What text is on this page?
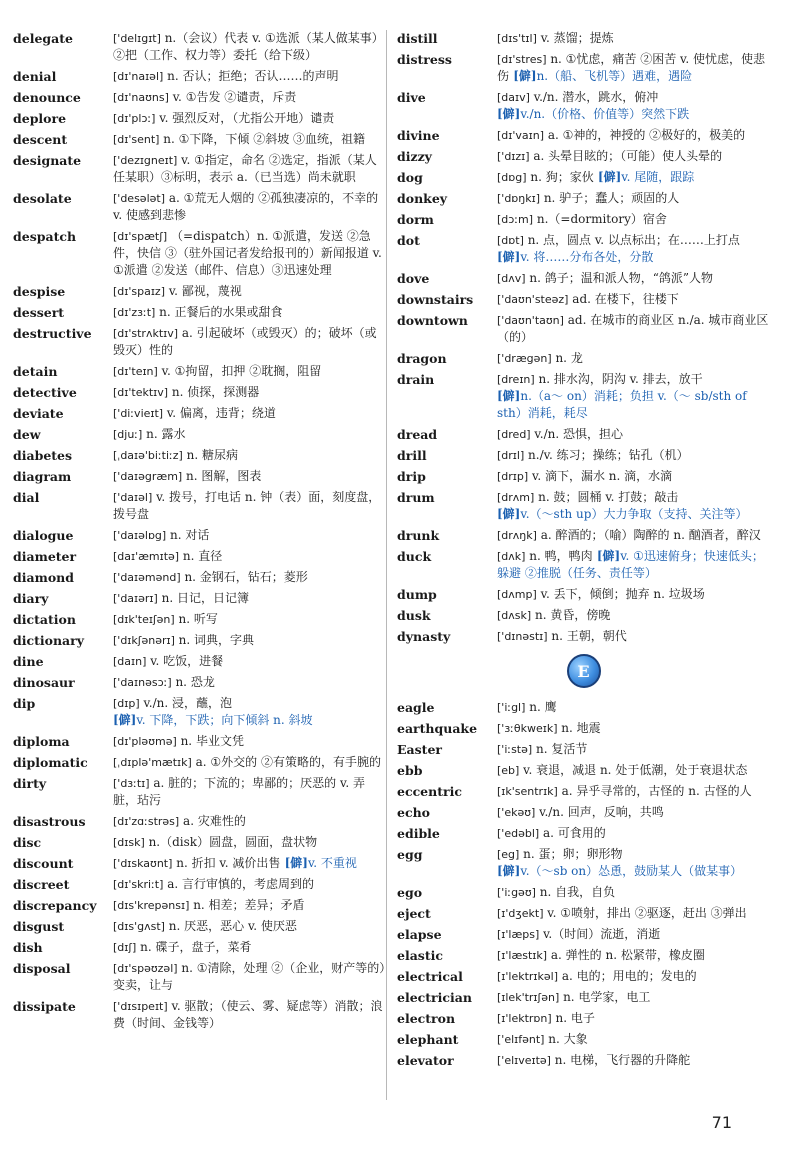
delegate	['delɪgɪt] n.（会议）代表 v. ①选派（某人做某事）②把（工作、权力等）委托（给下级）
denial	[dɪ'naɪəl] n. 否认；拒绝；否认……的声明
denounce	[dɪ'naʊns] v. ①告发 ②谴责，斥责
deplore	[dɪ'plɔː] v. 强烈反对，（尤指公开地）谴责
descent	[dɪ'sent] n. ①下降，下倾 ②斜坡 ③血统，祖籍
designate	['dezɪgneɪt] v. ①指定，命名 ②选定，指派（某人任某职）③标明，表示 a.（已当选）尚未就职
desolate	['desələt] a. ①荒无人烟的 ②孤独凄凉的，不幸的 v. 使感到悲惨
despatch	[dɪ'spætʃ] （=dispatch）n. ①派遣，发送 ②急件，快信 ③（驻外国记者发给报刊的）新闻报道 v. ①派遣 ②发送（邮件、信息）③迅速处理
despise	[dɪ'spaɪz] v. 鄙视，蔑视
dessert	[dɪ'zɜːt] n. 正餐后的水果或甜食
destructive	[dɪ'strʌktɪv] a. 引起破坏（或毁灭）的；破坏（或毁灭）性的
detain	[dɪ'teɪn] v. ①拘留，扣押 ②耽搁，阻留
detective	[dɪ'tektɪv] n. 侦探，探测器
deviate	['diːvieɪt] v. 偏离，违背；绕道
dew	[djuː] n. 露水
diabetes	[ˌdaɪə'biːtiːz] n. 糖尿病
diagram	['daɪəgræm] n. 图解，图表
dial	['daɪəl] v. 拨号，打电话 n. 钟（表）面，刻度盘，拨号盘
dialogue	['daɪəlɒg] n. 对话
diameter	[daɪ'æmɪtə] n. 直径
diamond	['daɪəmənd] n. 金钢石，钻石；菱形
diary	['daɪərɪ] n. 日记，日记簿
dictation	[dɪk'teɪʃən] n. 听写
dictionary	['dɪkʃənərɪ] n. 词典，字典
dine	[daɪn] v. 吃饭，进餐
dinosaur	['daɪnəsɔː] n. 恐龙
dip	[dɪp] v./n. 浸，蘸，泡
[僻]v. 下降，下跌；向下倾斜 n. 斜坡
diploma	[dɪ'pləʊmə] n. 毕业文凭
diplomatic	[ˌdɪplə'mætɪk] a. ①外交的 ②有策略的，有手腕的
dirty	['dɜːtɪ] a. 脏的；下流的；卑鄙的；厌恶的 v. 弄脏，玷污
disastrous	[dɪ'zɑːstrəs] a. 灾难性的
disc	[dɪsk] n.（disk）圆盘，圆面，盘状物
discount	['dɪskaʊnt] n. 折扣 v. 减价出售 [僻]v. 不重视
discreet	[dɪ'skriːt] a. 言行审慎的，考虑周到的
discrepancy	[dɪs'krepənsɪ] n. 相差；差异；矛盾
disgust	[dɪs'gʌst] n. 厌恶，恶心 v. 使厌恶
dish	[dɪʃ] n. 碟子，盘子，菜肴
disposal	[dɪ'spəʊzəl] n. ①清除，处理 ②（企业，财产等的）变卖，让与
dissipate	['dɪsɪpeɪt] v. 驱散；（使云、雾、疑虑等）消散；浪费（时间、金钱等）
distill	[dɪs'tɪl] v. 蒸馏；提炼
distress	[dɪ'stres] n. ①忧虑，痛苦 ②困苦 v. 使忧虑，使悲伤 [僻]n.（船、飞机等）遇难，遇险
dive	[daɪv] v./n. 潜水，跳水，俯冲
[僻]v./n.（价格、价值等）突然下跌
divine	[dɪ'vaɪn] a. ①神的，神授的 ②极好的，极美的
dizzy	['dɪzɪ] a. 头晕目眩的；（可能）使人头晕的
dog	[dɒg] n. 狗；家伙 [僻]v. 尾随，跟踪
donkey	['dɒŋkɪ] n. 驴子；蠢人；顽固的人
dorm	[dɔːm] n.（=dormitory）宿舍
dot	[dɒt] n. 点，圆点 v. 以点标出；在……上打点
[僻]v. 将……分布各处，分散
dove	[dʌv] n. 鸽子；温和派人物，“鸽派”人物
downstairs	['daʊn'steəz] ad. 在楼下，往楼下
downtown	['daʊn'taʊn] ad. 在城市的商业区 n./a. 城市商业区（的）
dragon	['drægən] n. 龙
drain	[dreɪn] n. 排水沟，阴沟 v. 排去，放干
[僻]n.（a～ on）消耗；负担 v.（～ sb/sth of sth）消耗，耗尽
dread	[dred] v./n. 恐惧，担心
drill	[drɪl] n./v. 练习；操练；钻孔（机）
drip	[drɪp] v. 滴下，漏水 n. 滴，水滴
drum	[drʌm] n. 鼓；圆桶 v. 打鼓；敲击
[僻]v.（～sth up）大力争取（支持、关注等）
drunk	[drʌŋk] a. 醉酒的；（喻）陶醉的 n. 酗酒者，醉汉
duck	[dʌk] n. 鸭，鸭肉 [僻]v. ①迅速俯身；快速低头；躲避 ②推脱（任务、责任等）
dump	[dʌmp] v. 丢下，倾倒；抛弃 n. 垃圾场
dusk	[dʌsk] n. 黄昏，傍晚
dynasty	['dɪnəstɪ] n. 王朝，朝代
E
eagle	['iːgl] n. 鹰
earthquake	['ɜːθkweɪk] n. 地震
Easter	['iːstə] n. 复活节
ebb	[eb] v. 衰退，减退 n. 处于低潮，处于衰退状态
eccentric	[ɪk'sentrɪk] a. 异乎寻常的，古怪的 n. 古怪的人
echo	['ekəʊ] v./n. 回声，反响，共鸣
edible	['edəbl] a. 可食用的
egg	[eg] n. 蛋；卵；卵形物
[僻]v.（～sb on）怂恿，鼓励某人（做某事）
ego	['iːgəʊ] n. 自我，自负
eject	[ɪ'dʒekt] v. ①喷射，排出 ②驱逐，赶出 ③弹出
elapse	[ɪ'læps] v.（时间）流逝，消逝
elastic	[ɪ'læstɪk] a. 弹性的 n. 松紧带，橡皮圈
electrical	[ɪ'lektrɪkəl] a. 电的；用电的；发电的
electrician	[ɪlek'trɪʃən] n. 电学家，电工
electron	[ɪ'lektrɒn] n. 电子
elephant	['elɪfənt] n. 大象
elevator	['elɪveɪtə] n. 电梯，飞行器的升降舵
71
